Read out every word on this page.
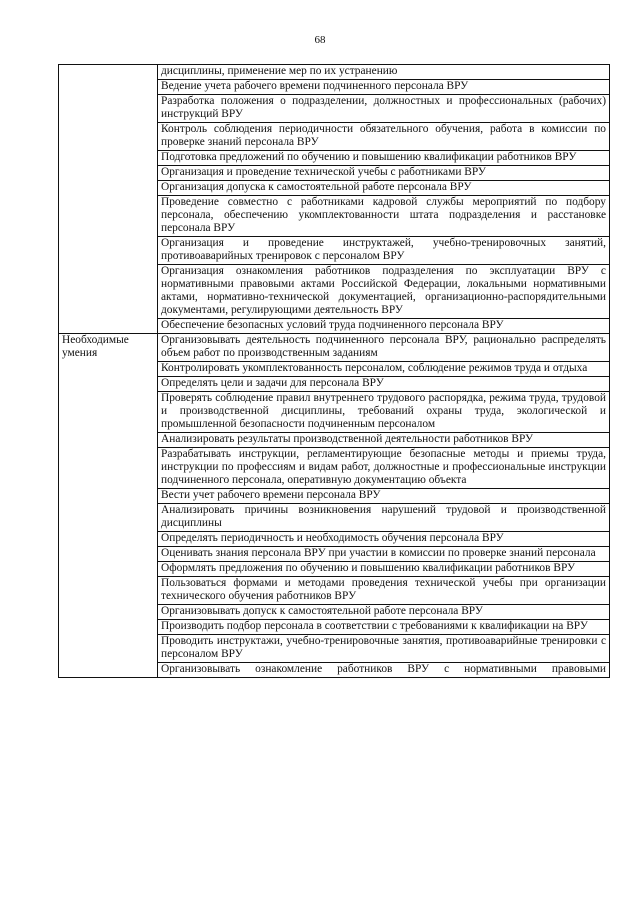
68
	дисциплины, применение мер по их устранению
	Ведение учета рабочего времени подчиненного персонала ВРУ
	Разработка положения о подразделении, должностных и профессиональных (рабочих) инструкций ВРУ
	Контроль соблюдения периодичности обязательного обучения, работа в комиссии по проверке знаний персонала ВРУ
	Подготовка предложений по обучению и повышению квалификации работников ВРУ
	Организация и проведение технической учебы с работниками ВРУ
	Организация допуска к самостоятельной работе персонала ВРУ
	Проведение совместно с работниками кадровой службы мероприятий по подбору персонала, обеспечению укомплектованности штата подразделения и расстановке персонала ВРУ
	Организация и проведение инструктажей, учебно-тренировочных занятий, противоаварийных тренировок с персоналом ВРУ
	Организация ознакомления работников подразделения по эксплуатации ВРУ с нормативными правовыми актами Российской Федерации, локальными нормативными актами, нормативно-технической документацией, организационно-распорядительными документами, регулирующими деятельность ВРУ
	Обеспечение безопасных условий труда подчиненного персонала ВРУ
Необходимые умения	Организовывать деятельность подчиненного персонала ВРУ, рационально распределять объем работ по производственным заданиям
	Контролировать укомплектованность персоналом, соблюдение режимов труда и отдыха
	Определять цели и задачи для персонала ВРУ
	Проверять соблюдение правил внутреннего трудового распорядка, режима труда, трудовой и производственной дисциплины, требований охраны труда, экологической и промышленной безопасности подчиненным персоналом
	Анализировать результаты производственной деятельности работников ВРУ
	Разрабатывать инструкции, регламентирующие безопасные методы и приемы труда, инструкции по профессиям и видам работ, должностные и профессиональные инструкции подчиненного персонала, оперативную документацию объекта
	Вести учет рабочего времени персонала ВРУ
	Анализировать причины возникновения нарушений трудовой и производственной дисциплины
	Определять периодичность и необходимость обучения персонала ВРУ
	Оценивать знания персонала ВРУ при участии в комиссии по проверке знаний персонала
	Оформлять предложения по обучению и повышению квалификации работников ВРУ
	Пользоваться формами и методами проведения технической учебы при организации технического обучения работников ВРУ
	Организовывать допуск к самостоятельной работе персонала ВРУ
	Производить подбор персонала в соответствии с требованиями к квалификации на ВРУ
	Проводить инструктажи, учебно-тренировочные занятия, противоаварийные тренировки с персоналом ВРУ
	Организовывать ознакомление работников ВРУ с нормативными правовыми
